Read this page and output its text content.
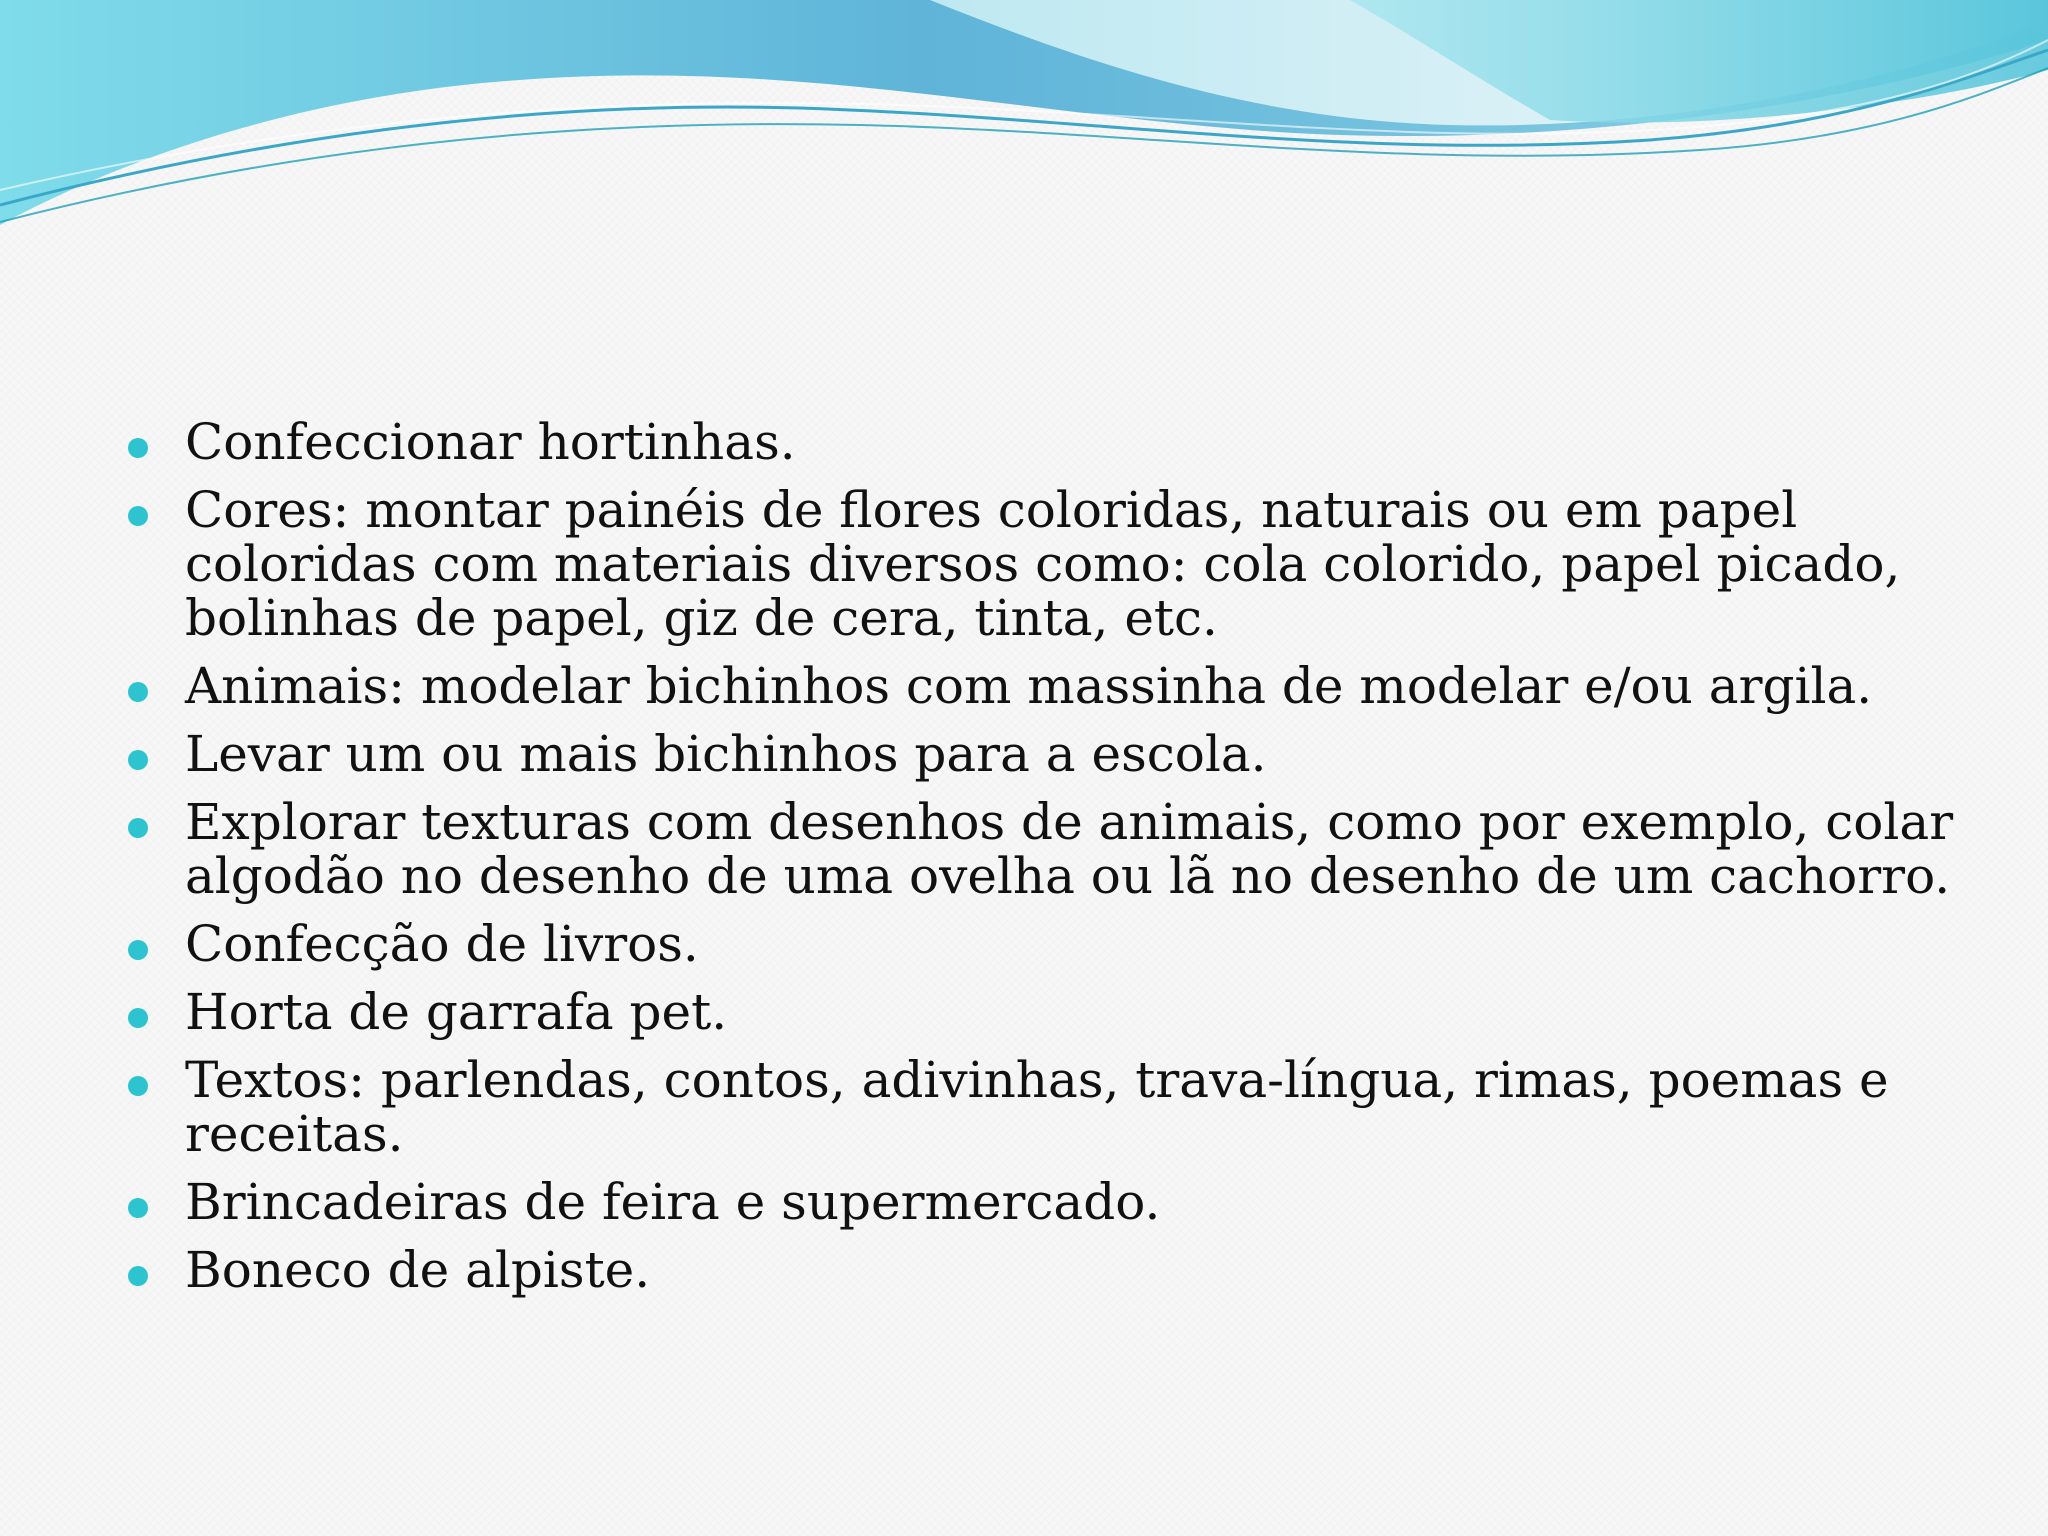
Confeccionar hortinhas.
Cores: montar painéis de flores coloridas, naturais ou em papel coloridas com materiais diversos como: cola colorido, papel picado, bolinhas de papel, giz de cera, tinta, etc.
Animais: modelar bichinhos com massinha de modelar e/ou argila.
Levar um ou mais bichinhos para a escola.
Explorar texturas com desenhos de animais, como por exemplo, colar algodão no desenho de uma ovelha ou lã no desenho de um cachorro.
Confecção de livros.
Horta de garrafa pet.
Textos: parlendas, contos, adivinhas, trava-língua, rimas, poemas e receitas.
Brincadeiras de feira e supermercado.
Boneco de alpiste.
